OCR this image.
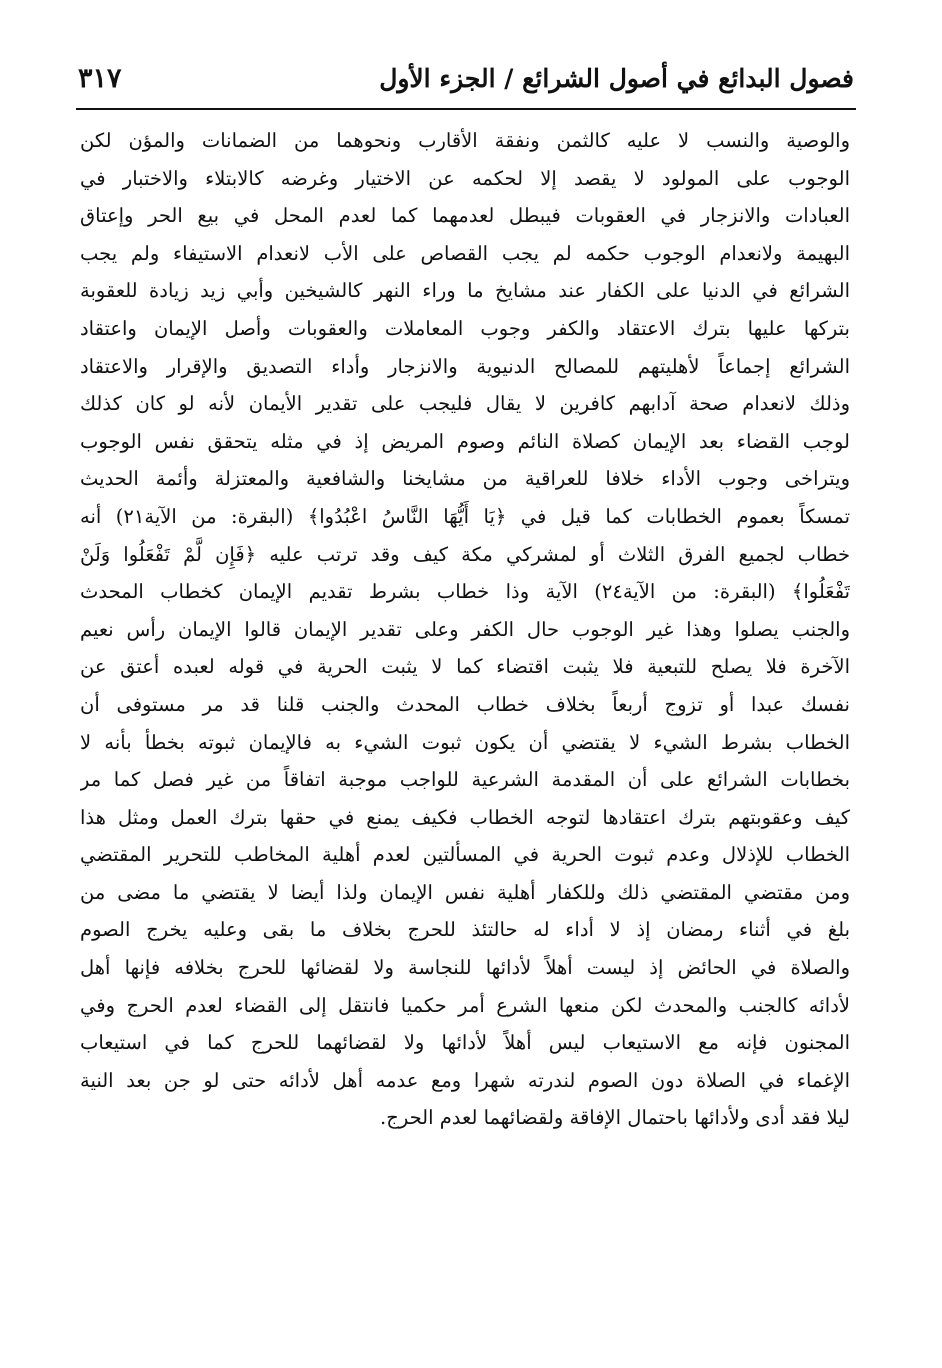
فصول البدائع في أصول الشرائع / الجزء الأول
٣١٧
والوصية والنسب لا عليه كالثمن ونفقة الأقارب ونحوهما من الضمانات والمؤن لكن
الوجوب على المولود لا يقصد إلا لحكمه عن الاختيار وغرضه كالابتلاء والاختبار في
العبادات والانزجار في العقوبات فيبطل لعدمهما كما لعدم المحل في بيع الحر وإعتاق
البهيمة ولانعدام الوجوب حكمه لم يجب القصاص على الأب لانعدام الاستيفاء ولم يجب
الشرائع في الدنيا على الكفار عند مشايخ ما وراء النهر كالشيخين وأبي زيد زيادة للعقوبة
بتركها عليها بترك الاعتقاد والكفر وجوب المعاملات والعقوبات وأصل الإيمان واعتقاد
الشرائع إجماعاً لأهليتهم للمصالح الدنيوية والانزجار وأداء التصديق والإقرار والاعتقاد
وذلك لانعدام صحة آدابهم كافرين لا يقال فليجب على تقدير الأيمان لأنه لو كان كذلك
لوجب القضاء بعد الإيمان كصلاة النائم وصوم المريض إذ في مثله يتحقق نفس الوجوب
ويتراخى وجوب الأداء خلافا للعراقية من مشايخنا والشافعية والمعتزلة وأئمة الحديث
تمسكاً بعموم الخطابات كما قيل في ﴿يَا أَيُّهَا النَّاسُ اعْبُدُوا﴾ (البقرة: من الآية٢١) أنه
خطاب لجميع الفرق الثلاث أو لمشركي مكة كيف وقد ترتب عليه ﴿فَإِن لَّمْ تَفْعَلُوا وَلَنْ
تَفْعَلُوا﴾ (البقرة: من الآية٢٤) الآية وذا خطاب بشرط تقديم الإيمان كخطاب المحدث
والجنب يصلوا وهذا غير الوجوب حال الكفر وعلى تقدير الإيمان قالوا الإيمان رأس نعيم
الآخرة فلا يصلح للتبعية فلا يثبت اقتضاء كما لا يثبت الحرية في قوله لعبده أعتق عن
نفسك عبدا أو تزوج أربعاً بخلاف خطاب المحدث والجنب قلنا قد مر مستوفى أن
الخطاب بشرط الشيء لا يقتضي أن يكون ثبوت الشيء به فالإيمان ثبوته بخطأ بأنه لا
بخطابات الشرائع على أن المقدمة الشرعية للواجب موجبة اتفاقاً من غير فصل كما مر
كيف وعقوبتهم بترك اعتقادها لتوجه الخطاب فكيف يمنع في حقها بترك العمل ومثل هذا
الخطاب للإذلال وعدم ثبوت الحرية في المسألتين لعدم أهلية المخاطب للتحرير المقتضي
ومن مقتضي المقتضي ذلك وللكفار أهلية نفس الإيمان ولذا أيضا لا يقتضي ما مضى من
بلغ في أثناء رمضان إذ لا أداء له حالتئذ للحرج بخلاف ما بقى وعليه يخرج الصوم
والصلاة في الحائض إذ ليست أهلاً لأدائها للنجاسة ولا لقضائها للحرج بخلافه فإنها أهل
لأدائه كالجنب والمحدث لكن منعها الشرع أمر حكميا فانتقل إلى القضاء لعدم الحرج وفي
المجنون فإنه مع الاستيعاب ليس أهلاً لأدائها ولا لقضائهما للحرج كما في استيعاب
الإغماء في الصلاة دون الصوم لندرته شهرا ومع عدمه أهل لأدائه حتى لو جن بعد النية
ليلا فقد أدى ولأدائها باحتمال الإفاقة ولقضائهما لعدم الحرج.
